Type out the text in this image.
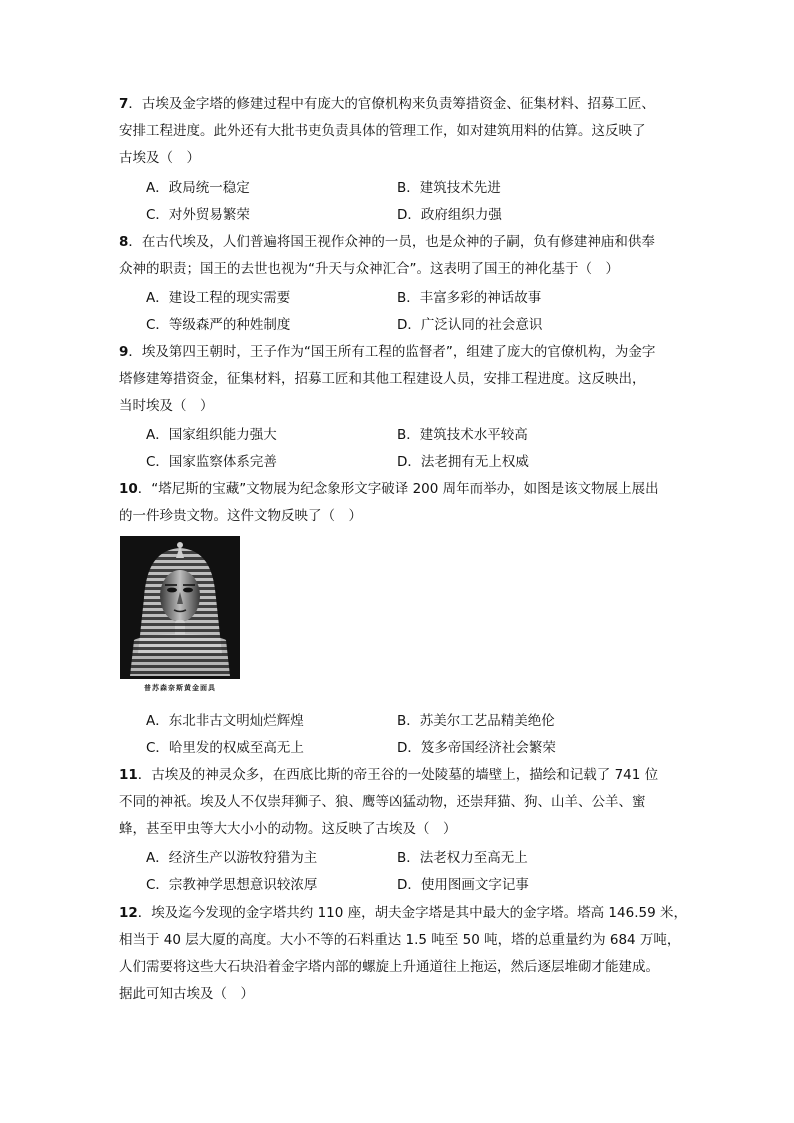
7．古埃及金字塔的修建过程中有庞大的官僚机构来负责筹措资金、征集材料、招募工匠、
安排工程进度。此外还有大批书吏负责具体的管理工作，如对建筑用料的估算。这反映了
古埃及（　）
A．政局统一稳定	B．建筑技术先进
C．对外贸易繁荣	D．政府组织力强
8．在古代埃及，人们普遍将国王视作众神的一员，也是众神的子嗣，负有修建神庙和供奉
众神的职责；国王的去世也视为“升天与众神汇合”。这表明了国王的神化基于（　）
A．建设工程的现实需要	B．丰富多彩的神话故事
C．等级森严的种姓制度	D．广泛认同的社会意识
9．埃及第四王朝时，王子作为“国王所有工程的监督者”，组建了庞大的官僚机构，为金字
塔修建筹措资金，征集材料，招募工匠和其他工程建设人员，安排工程进度。这反映出，
当时埃及（　）
A．国家组织能力强大	B．建筑技术水平较高
C．国家监察体系完善	D．法老拥有无上权威
10．“塔尼斯的宝藏”文物展为纪念象形文字破译 200 周年而举办，如图是该文物展上展出
的一件珍贵文物。这件文物反映了（　）
普苏森奈斯黄金面具
A．东北非古文明灿烂辉煌	B．苏美尔工艺品精美绝伦
C．哈里发的权威至高无上	D．笈多帝国经济社会繁荣
11．古埃及的神灵众多，在西底比斯的帝王谷的一处陵墓的墙壁上，描绘和记载了 741 位
不同的神祇。埃及人不仅崇拜狮子、狼、鹰等凶猛动物，还崇拜猫、狗、山羊、公羊、蜜
蜂，甚至甲虫等大大小小的动物。这反映了古埃及（　）
A．经济生产以游牧狩猎为主	B．法老权力至高无上
C．宗教神学思想意识较浓厚	D．使用图画文字记事
12．埃及迄今发现的金字塔共约 110 座，胡夫金字塔是其中最大的金字塔。塔高 146.59 米，
相当于 40 层大厦的高度。大小不等的石料重达 1.5 吨至 50 吨，塔的总重量约为 684 万吨，
人们需要将这些大石块沿着金字塔内部的螺旋上升通道往上拖运，然后逐层堆砌才能建成。
据此可知古埃及（　）
